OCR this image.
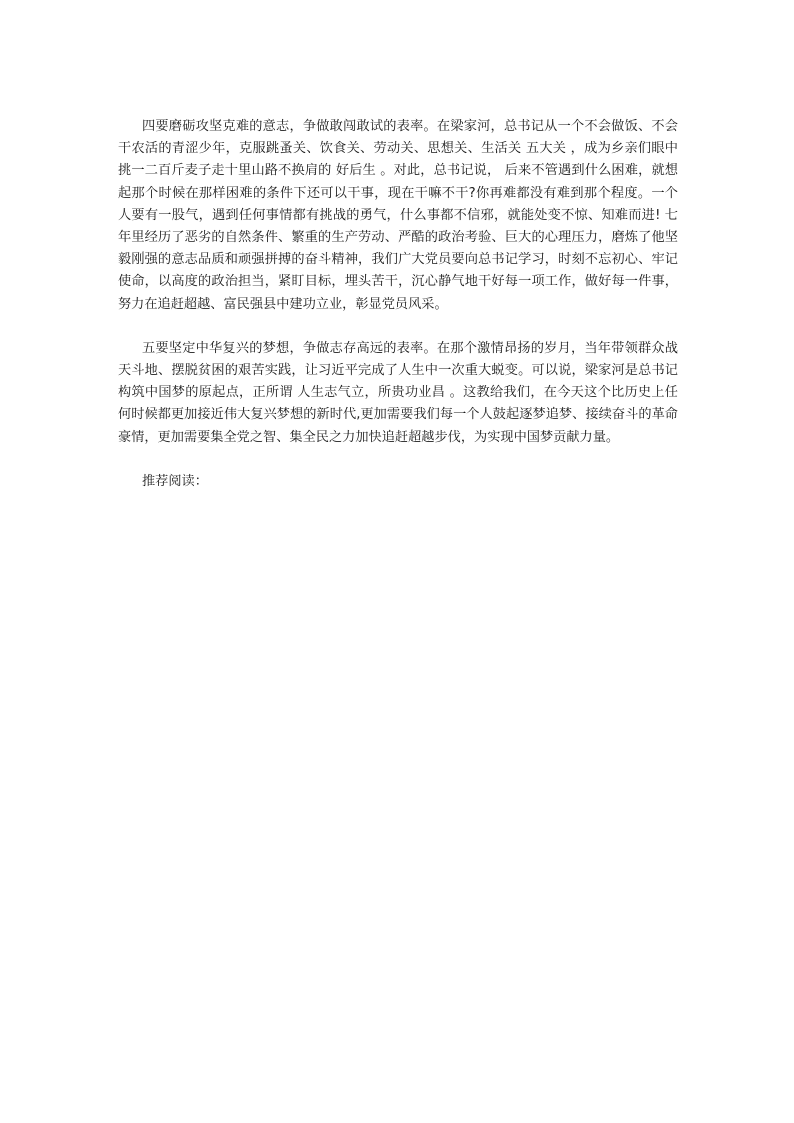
四要磨砺攻坚克难的意志，争做敢闯敢试的表率。在梁家河，总书记从一个不会做饭、不会干农活的青涩少年，克服跳蚤关、饮食关、劳动关、思想关、生活关 五大关 ，成为乡亲们眼中挑一二百斤麦子走十里山路不换肩的 好后生 。对此，总书记说， 后来不管遇到什么困难，就想起那个时候在那样困难的条件下还可以干事，现在干嘛不干?你再难都没有难到那个程度。一个人要有一股气，遇到任何事情都有挑战的勇气，什么事都不信邪，就能处变不惊、知难而进! 七年里经历了恶劣的自然条件、繁重的生产劳动、严酷的政治考验、巨大的心理压力，磨炼了他坚毅刚强的意志品质和顽强拼搏的奋斗精神，我们广大党员要向总书记学习，时刻不忘初心、牢记使命，以高度的政治担当，紧盯目标，埋头苦干，沉心静气地干好每一项工作，做好每一件事，努力在追赶超越、富民强县中建功立业，彰显党员风采。

五要坚定中华复兴的梦想，争做志存高远的表率。在那个激情昂扬的岁月，当年带领群众战天斗地、摆脱贫困的艰苦实践，让习近平完成了人生中一次重大蜕变。可以说，梁家河是总书记构筑中国梦的原起点，正所谓 人生志气立，所贵功业昌 。这教给我们，在今天这个比历史上任何时候都更加接近伟大复兴梦想的新时代,更加需要我们每一个人鼓起逐梦追梦、接续奋斗的革命豪情，更加需要集全党之智、集全民之力加快追赶超越步伐，为实现中国梦贡献力量。

推荐阅读：
